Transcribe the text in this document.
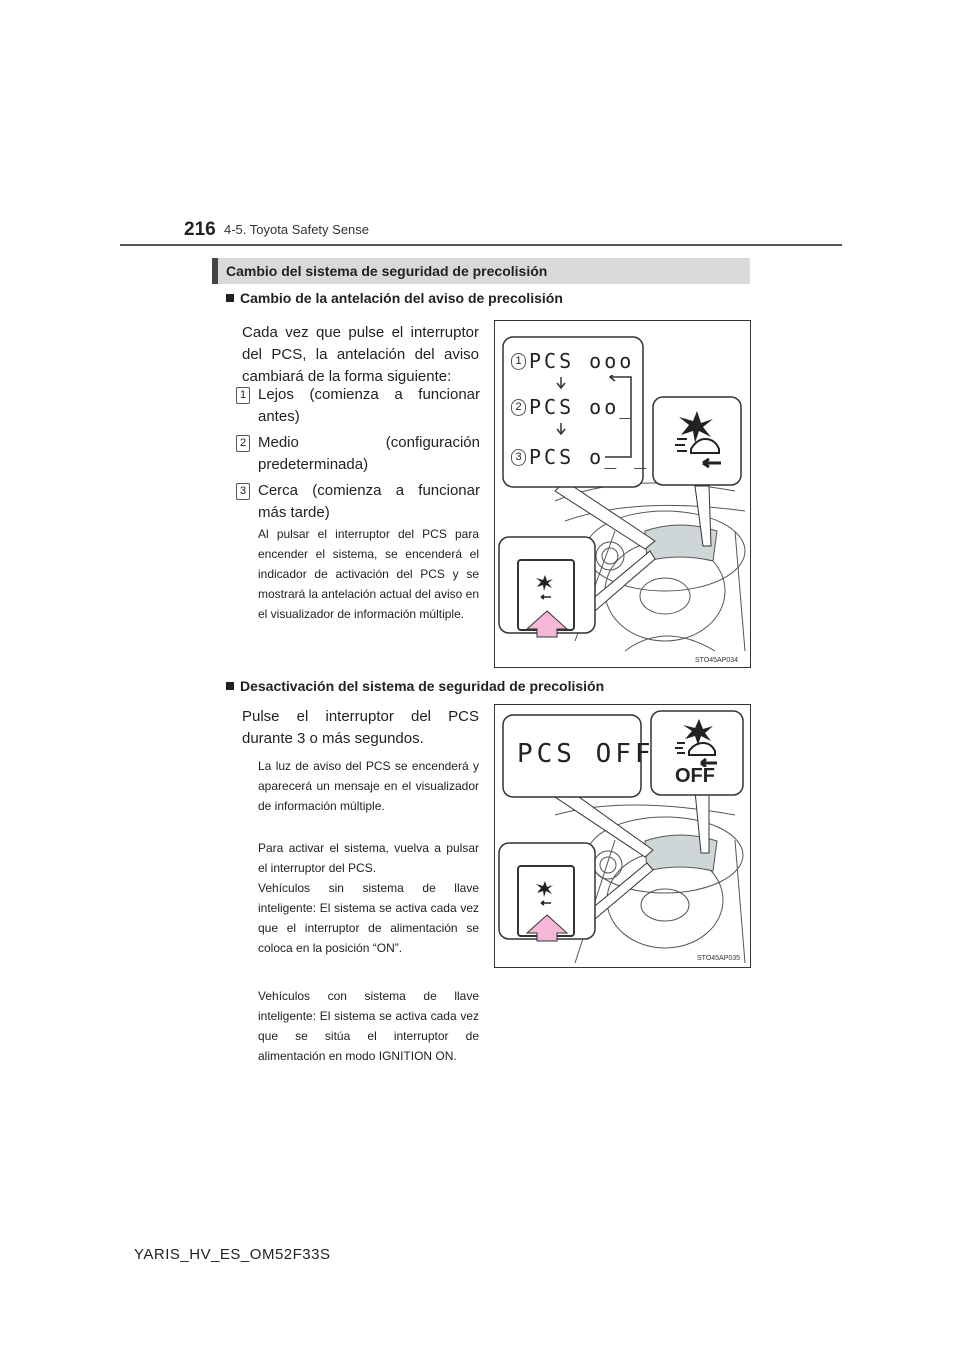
216 4-5. Toyota Safety Sense
Cambio del sistema de seguridad de precolisión
Cambio de la antelación del aviso de precolisión
Cada vez que pulse el interruptor del PCS, la antelación del aviso cambiará de la forma siguiente:
1 Lejos (comienza a funcionar
antes)
2 Medio (configuración
predeterminada)
3 Cerca (comienza a funcionar
más tarde)
Al pulsar el interruptor del PCS para encender el sistema, se encenderá el indicador de activación del PCS y se mostrará la antelación actual del aviso en el visualizador de información múltiple.
1 PCS ooo
2 PCS oo_
3 PCS o_ _
STO45AP034
Desactivación del sistema de seguridad de precolisión
Pulse el interruptor del PCS durante 3 o más segundos.
La luz de aviso del PCS se encenderá y aparecerá un mensaje en el visualizador de información múltiple.
Para activar el sistema, vuelva a pulsar el interruptor del PCS.
Vehículos sin sistema de llave inteligente: El sistema se activa cada vez que el interruptor de alimentación se coloca en la posición “ON”.
Vehículos con sistema de llave inteligente: El sistema se activa cada vez que se sitúa el interruptor de alimentación en modo IGNITION ON.
PCS OFF
OFF
STO45AP035
YARIS_HV_ES_OM52F33S
